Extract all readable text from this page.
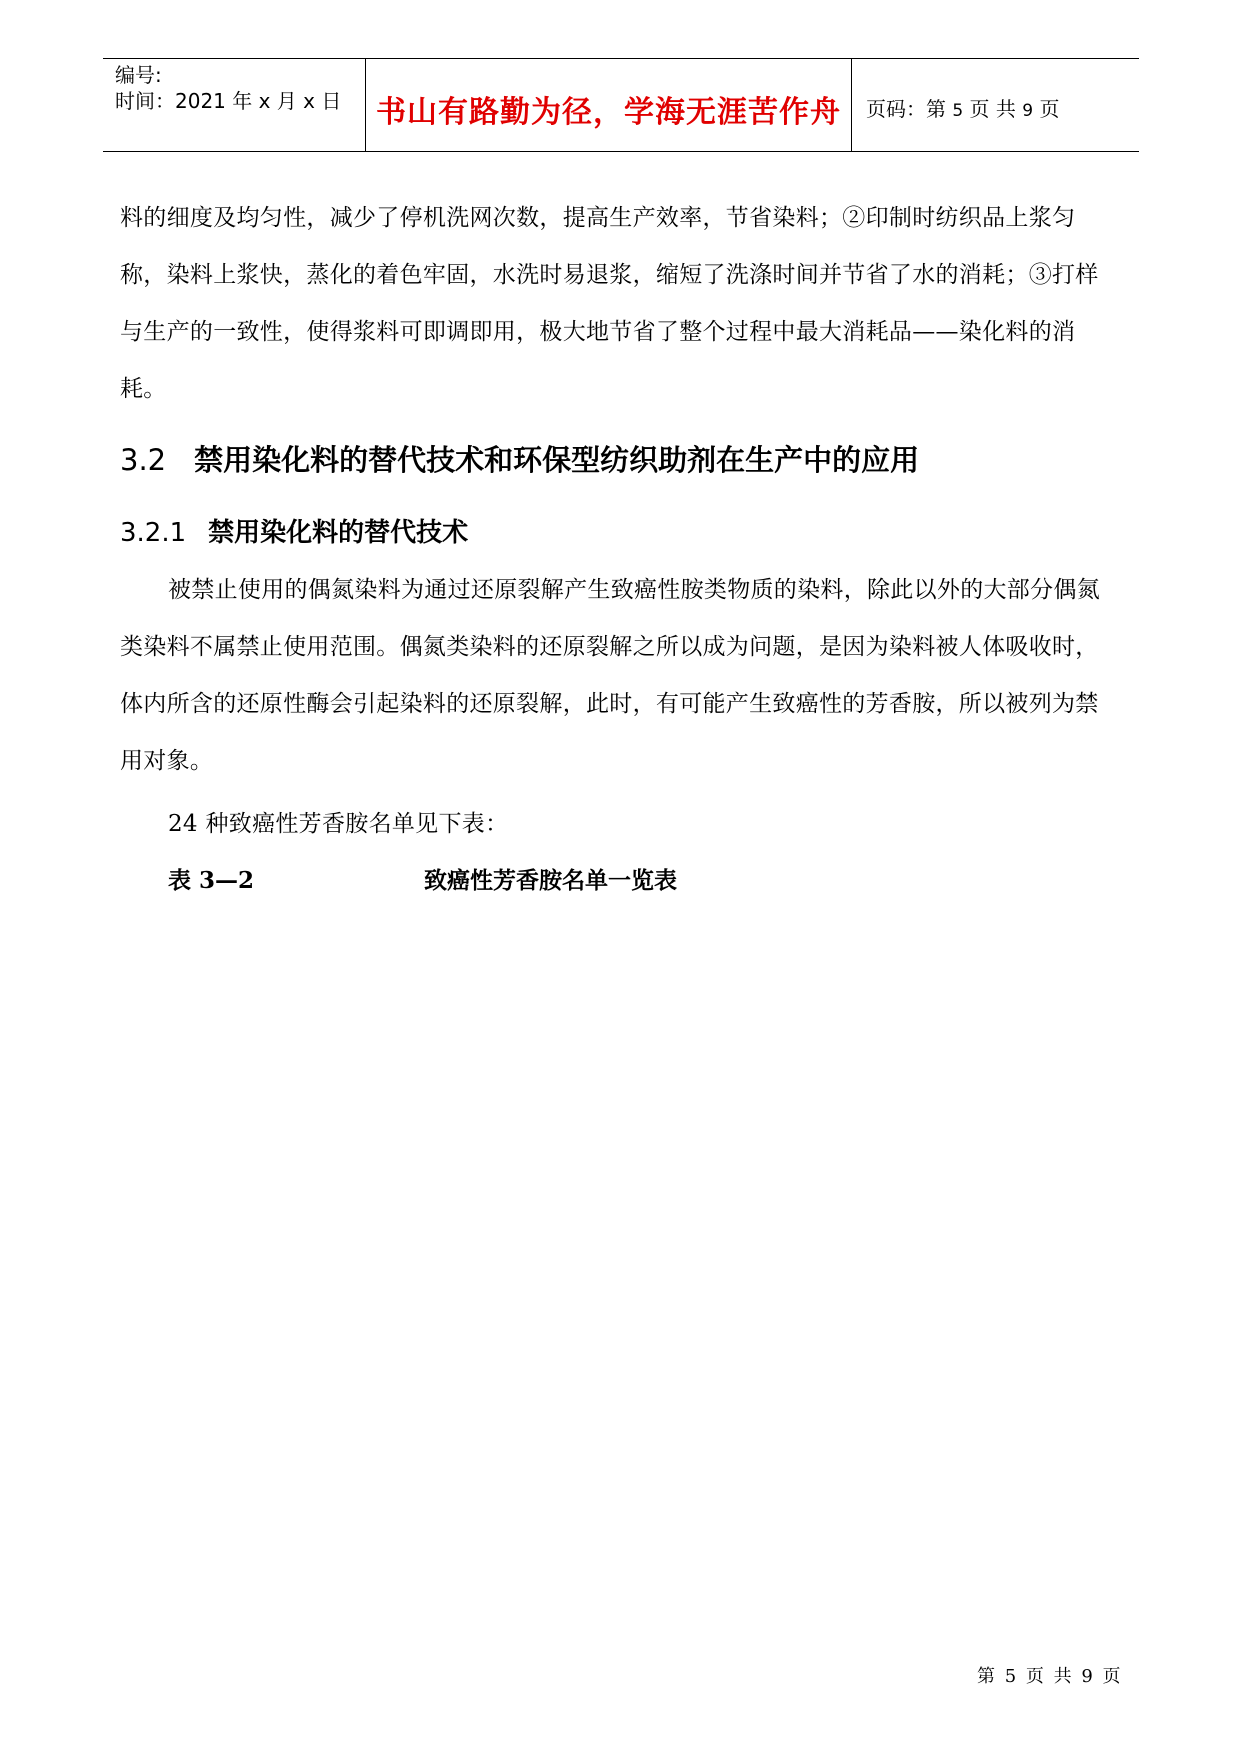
编号:
时间：2021 年 x 月 x 日	书山有路勤为径，学海无涯苦作舟	页码：第 5 页 共 9 页
料的细度及均匀性，减少了停机洗网次数，提高生产效率，节省染料；②印制时纺织品上浆匀称，染料上浆快，蒸化的着色牢固，水洗时易退浆，缩短了洗涤时间并节省了水的消耗；③打样与生产的一致性，使得浆料可即调即用，极大地节省了整个过程中最大消耗品——染化料的消耗。
3.2 禁用染化料的替代技术和环保型纺织助剂在生产中的应用
3.2.1 禁用染化料的替代技术
被禁止使用的偶氮染料为通过还原裂解产生致癌性胺类物质的染料，除此以外的大部分偶氮类染料不属禁止使用范围。偶氮类染料的还原裂解之所以成为问题，是因为染料被人体吸收时，体内所含的还原性酶会引起染料的还原裂解，此时，有可能产生致癌性的芳香胺，所以被列为禁用对象。
24 种致癌性芳香胺名单见下表：
表 3—2	致癌性芳香胺名单一览表
第 5 页 共 9 页
